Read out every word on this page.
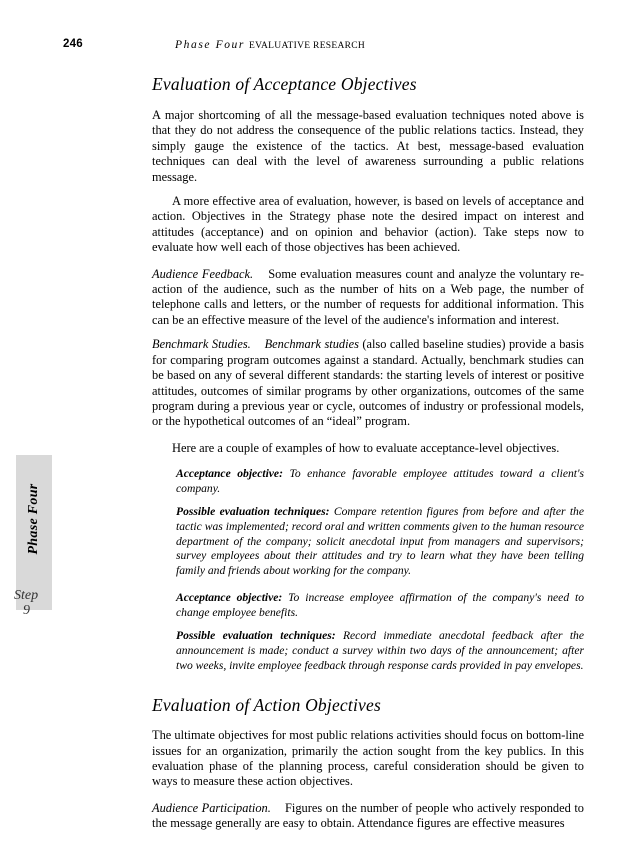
246	Phase Four EVALUATIVE RESEARCH
Phase Four
Step
9
Evaluation of Acceptance Objectives

A major shortcoming of all the message-based evaluation techniques noted above is that they do not address the consequence of the public relations tactics. Instead, they simply gauge the existence of the tactics. At best, message-based evaluation techniques can deal with the level of awareness surrounding a public relations message.

A more effective area of evaluation, however, is based on levels of acceptance and action. Objectives in the Strategy phase note the desired impact on interest and attitudes (acceptance) and on opinion and behavior (action). Take steps now to evaluate how well each of those objectives has been achieved.

Audience Feedback. Some evaluation measures count and analyze the voluntary re-action of the audience, such as the number of hits on a Web page, the number of telephone calls and letters, or the number of requests for additional information. This can be an effective measure of the level of the audience's information and interest.

Benchmark Studies. Benchmark studies (also called baseline studies) provide a basis for comparing program outcomes against a standard. Actually, benchmark studies can be based on any of several different standards: the starting levels of interest or positive attitudes, outcomes of similar programs by other organizations, outcomes of the same program during a previous year or cycle, outcomes of industry or professional models, or the hypothetical outcomes of an “ideal” program.

Here are a couple of examples of how to evaluate acceptance-level objectives.

Acceptance objective: To enhance favorable employee attitudes toward a client's company.

Possible evaluation techniques: Compare retention figures from before and after the tactic was implemented; record oral and written comments given to the human resource department of the company; solicit anecdotal input from managers and supervisors; survey employees about their attitudes and try to learn what they have been telling family and friends about working for the company.

Acceptance objective: To increase employee affirmation of the company's need to change employee benefits.

Possible evaluation techniques: Record immediate anecdotal feedback after the announcement is made; conduct a survey within two days of the announcement; after two weeks, invite employee feedback through response cards provided in pay envelopes.

Evaluation of Action Objectives

The ultimate objectives for most public relations activities should focus on bottom-line issues for an organization, primarily the action sought from the key publics. In this evaluation phase of the planning process, careful consideration should be given to ways to measure these action objectives.

Audience Participation. Figures on the number of people who actively responded to the message generally are easy to obtain. Attendance figures are effective measures
